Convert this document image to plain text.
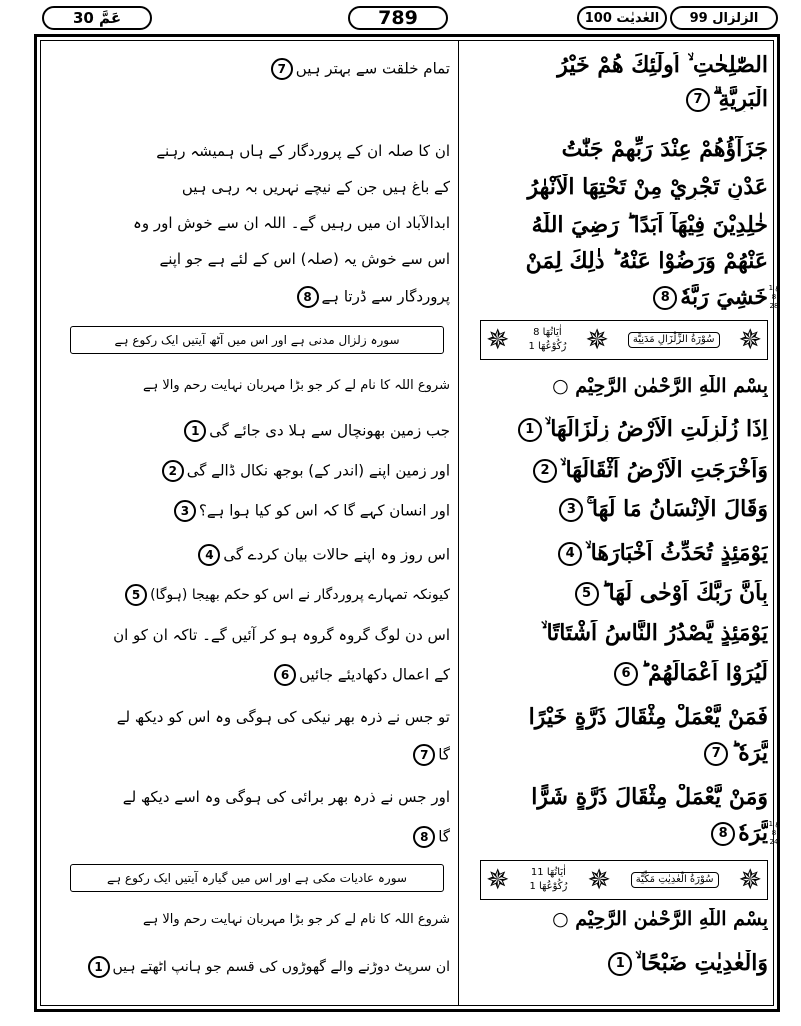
عَمَّ 30	789	العٰديٰت 100	الزلزال 99
الصّٰلِحٰتِ ۙ اُولٰٓئِكَ هُمْ خَيْرُ
الْبَرِيَّةِ ۗ7
جَزَآؤُهُمْ عِنْدَ رَبِّهِمْ جَنّٰتُ
عَدْنٍ تَجْرِيْ مِنْ تَحْتِهَا الْاَنْهٰرُ
خٰلِدِيْنَ فِيْهَآ اَبَدًا ؕ رَضِيَ اللّٰهُ
عَنْهُمْ وَرَضُوْا عَنْهُ ؕ ذٰلِكَ لِمَنْ
خَشِيَ رَبَّهٗ8
✵	اٰيَاتُهَا 8
رُكُوْعُهَا 1 ✵	سُوْرَةُ الزِّلْزَالِ مَدَنِيَّة ✵
بِسْمِ اللّٰهِ الرَّحْمٰنِ الرَّحِيْمِ ○
اِذَا زُلْزِلَتِ الْاَرْضُ زِلْزَالَهَا ۙ1
وَاَخْرَجَتِ الْاَرْضُ اَثْقَالَهَا ۙ2
وَقَالَ الْاِنْسَانُ مَا لَهَا ۚ3
يَوْمَئِذٍ تُحَدِّثُ اَخْبَارَهَا ۙ4
بِاَنَّ رَبَّكَ اَوْحٰى لَهَا ؕ5
يَوْمَئِذٍ يَّصْدُرُ النَّاسُ اَشْتَاتًا ۙ
لِّيُرَوْا اَعْمَالَهُمْ ؕ6
فَمَنْ يَّعْمَلْ مِثْقَالَ ذَرَّةٍ خَيْرًا
يَّرَهٗ ؕ7
وَمَنْ يَّعْمَلْ مِثْقَالَ ذَرَّةٍ شَرًّا
يَّرَهٗ8
✵ اٰيَاتُهَا 11
رُكُوْعُهَا 1 ✵	سُوْرَةُ الْعٰدِيٰتِ مَكِّيَّة ✵
بِسْمِ اللّٰهِ الرَّحْمٰنِ الرَّحِيْمِ ○
وَالْعٰدِيٰتِ ضَبْحًا ۙ1
ع 1 8 28
ع 1 8 24
تمام خلقت سے بہتر ہیں7
ان کا صلہ ان کے پروردگار کے ہاں ہمیشہ رہنے
کے باغ ہیں جن کے نیچے نہریں بہ رہی ہیں
ابدالآباد ان میں رہیں گے۔ اللہ ان سے خوش اور وہ
اس سے خوش یہ (صلہ) اس کے لئے ہے جو اپنے
پروردگار سے ڈرتا ہے8
سورہ زلزال مدنی ہے اور اس میں آٹھ آیتیں ایک رکوع ہے
شروع اللہ کا نام لے کر جو بڑا مہربان نہایت رحم والا ہے
جب زمین بھونچال سے ہلا دی جائے گی1
اور زمین اپنے (اندر کے) بوجھ نکال ڈالے گی2
اور انسان کہے گا کہ اس کو کیا ہوا ہے؟3
اس روز وہ اپنے حالات بیان کردے گی4
کیونکہ تمہارے پروردگار نے اس کو حکم بھیجا (ہوگا)5
اس دن لوگ گروہ گروہ ہو کر آئیں گے۔ تاکہ ان کو ان
کے اعمال دکھادیئے جائیں6
تو جس نے ذرہ بھر نیکی کی ہوگی وہ اس کو دیکھ لے
گا7
اور جس نے ذرہ بھر برائی کی ہوگی وہ اسے دیکھ لے
گا8
سورہ عادیات مکی ہے اور اس میں گیارہ آیتیں ایک رکوع ہے
شروع اللہ کا نام لے کر جو بڑا مہربان نہایت رحم والا ہے
ان سرپٹ دوڑنے والے گھوڑوں کی قسم جو ہانپ اٹھتے ہیں1
